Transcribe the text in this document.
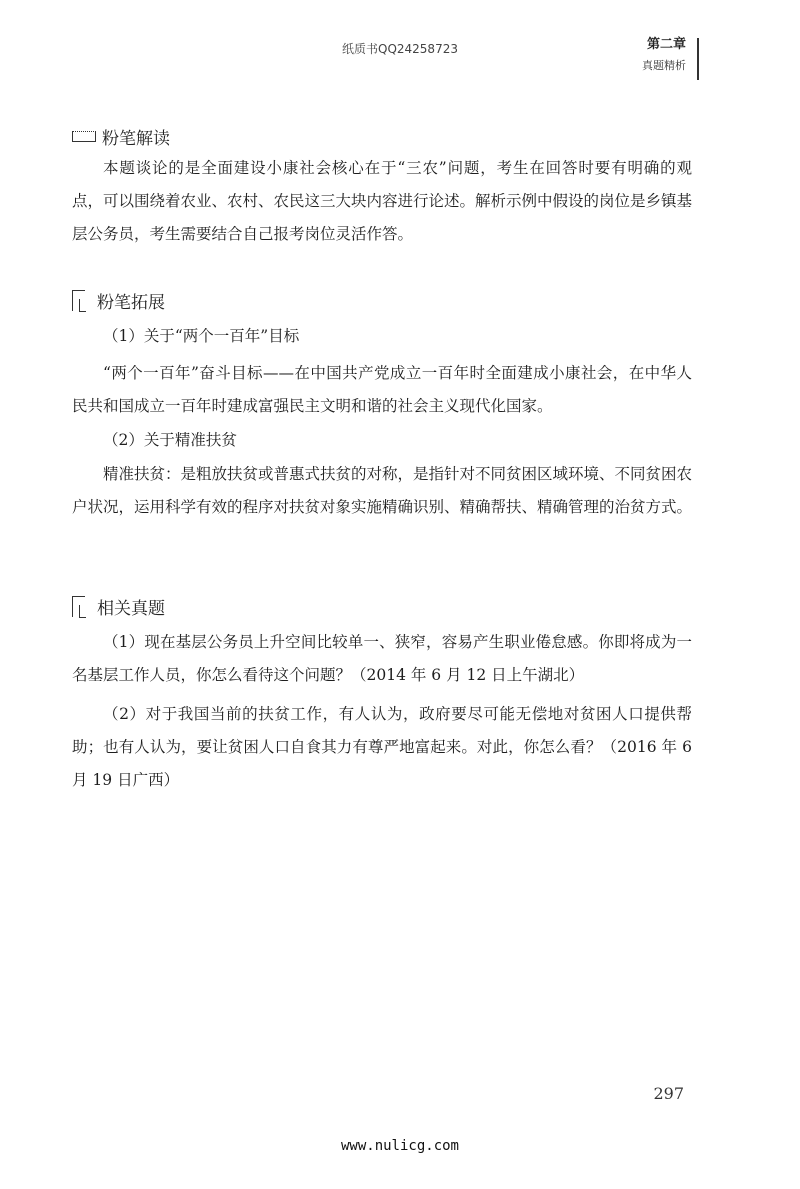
纸质书QQ24258723	第二章
真题精析
粉笔解读

本题谈论的是全面建设小康社会核心在于“三农”问题，考生在回答时要有明确的观点，可以围绕着农业、农村、农民这三大块内容进行论述。解析示例中假设的岗位是乡镇基层公务员，考生需要结合自己报考岗位灵活作答。

粉笔拓展

（1）关于“两个一百年”目标

“两个一百年”奋斗目标——在中国共产党成立一百年时全面建成小康社会，在中华人民共和国成立一百年时建成富强民主文明和谐的社会主义现代化国家。

（2）关于精准扶贫

精准扶贫：是粗放扶贫或普惠式扶贫的对称，是指针对不同贫困区域环境、不同贫困农户状况，运用科学有效的程序对扶贫对象实施精确识别、精确帮扶、精确管理的治贫方式。

相关真题

（1）现在基层公务员上升空间比较单一、狭窄，容易产生职业倦怠感。你即将成为一名基层工作人员，你怎么看待这个问题？（2014 年 6 月 12 日上午湖北）

（2）对于我国当前的扶贫工作，有人认为，政府要尽可能无偿地对贫困人口提供帮助；也有人认为，要让贫困人口自食其力有尊严地富起来。对此，你怎么看？（2016 年 6 月 19 日广西）

297
www.nulicg.com
